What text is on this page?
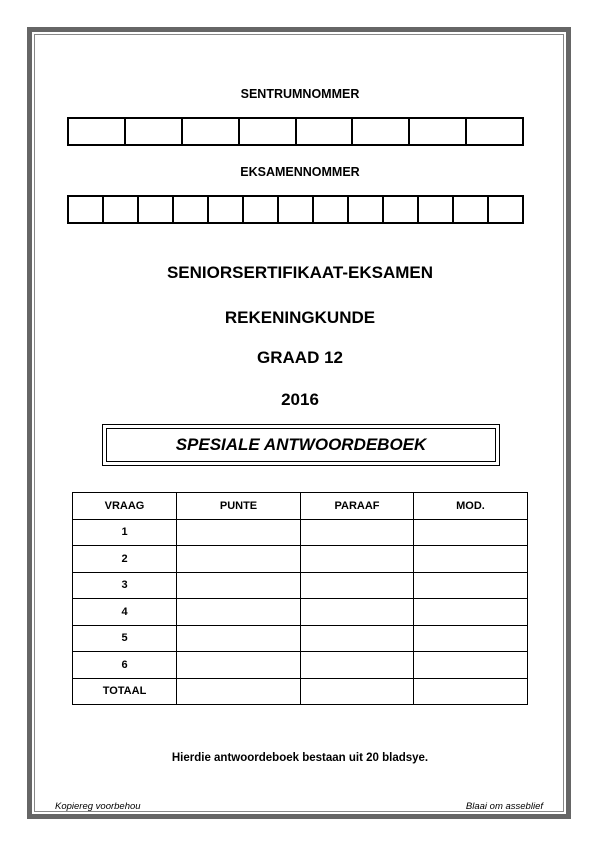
SENTRUMNOMMER
EKSAMENNOMMER
SENIORSERTIFIKAAT-EKSAMEN
REKENINGKUNDE
GRAAD 12
2016
SPESIALE ANTWOORDEBOEK
VRAAG	PUNTE	PARAAF	MOD.
1			
2			
3			
4			
5			
6			
TOTAAL			
Hierdie antwoordeboek bestaan uit 20 bladsye.
Kopiereg voorbehou	Blaai om asseblief
